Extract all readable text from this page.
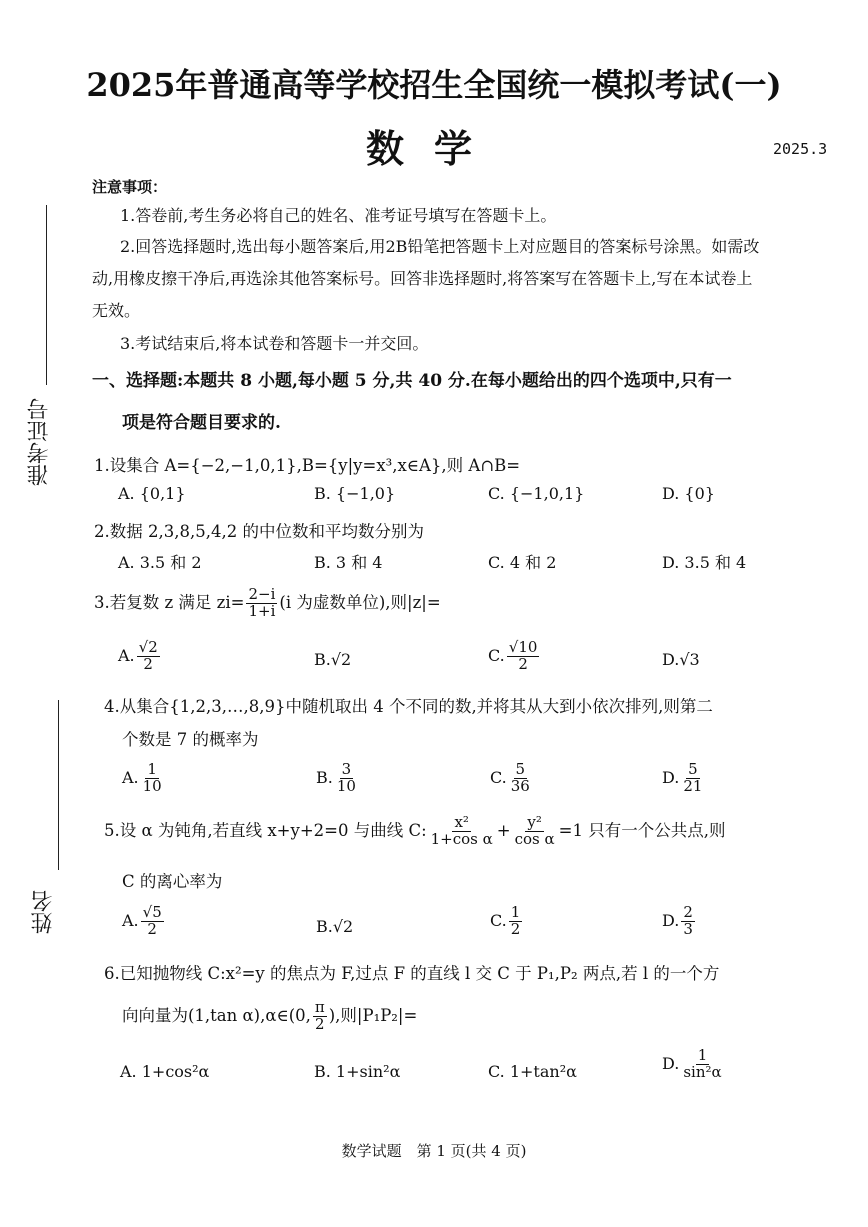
准考证号
姓名
2025年普通高等学校招生全国统一模拟考试(一)
数学	2025.3
注意事项：
1.答卷前,考生务必将自己的姓名、准考证号填写在答题卡上。
2.回答选择题时,选出每小题答案后,用2B铅笔把答题卡上对应题目的答案标号涂黑。如需改
动,用橡皮擦干净后,再选涂其他答案标号。回答非选择题时,将答案写在答题卡上,写在本试卷上
无效。
3.考试结束后,将本试卷和答题卡一并交回。
一、选择题:本题共 8 小题,每小题 5 分,共 40 分.在每小题给出的四个选项中,只有一
项是符合题目要求的.
1.设集合 A={−2,−1,0,1},B={y|y=x³,x∈A},则 A∩B=
A. {0,1}	B. {−1,0}	C. {−1,0,1}	D. {0}
2.数据 2,3,8,5,4,2 的中位数和平均数分别为
A. 3.5 和 2	B. 3 和 4	C. 4 和 2	D. 3.5 和 4
3.若复数 z 满足 $zi= \frac{2-i}{1+i} (i$ 为虚数单位),则|z|=
A. $\frac{√2}{2}$	B.√2	C. $\frac{√10}{2}$	D.√3
4.从集合{1,2,3,…,8,9}中随机取出 4 个不同的数,并将其从大到小依次排列,则第二
个数是 7 的概率为
A. $\frac{1}{10}$	B. $\frac{3}{10}$	C. $\frac{5}{36}$	D. $\frac{5}{21}$
5.设 α 为钝角,若直线 x+y+2=0 与曲线 C: $\frac{\text{x²}}{\text{1+cos α}} + \frac{\text{y²}}{\text{cos α}} =1$ 只有一个公共点,则
C 的离心率为
A. $\frac{√5}{2}$	B.√2	C. $\frac{1}{2}$	D. $\frac{2}{3}$
6.已知抛物线 C:x²=y 的焦点为 F,过点 F 的直线 l 交 C 于 P₁,P₂ 两点,若 l 的一个方
向向量为(1,tan α),α∈(0, $\frac{\pi}{2}$ ),则|P₁P₂|=
A. 1+cos²α	B. 1+sin²α	C. 1+tan²α	D. $\frac{1}{\text{sin²α}}$
数学试题　第 1 页(共 4 页)
